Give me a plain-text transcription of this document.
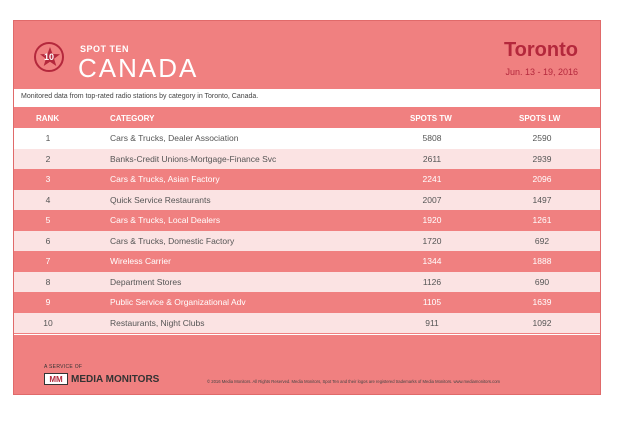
10
SPOT TEN
CANADA
Toronto
Jun. 13 - 19, 2016
Monitored data from top-rated radio stations by category in Toronto, Canada.
RANK	CATEGORY	SPOTS TW	SPOTS LW
1	Cars & Trucks, Dealer Association	5808	2590
2	Banks-Credit Unions-Mortgage-Finance Svc	2611	2939
3	Cars & Trucks, Asian Factory	2241	2096
4	Quick Service Restaurants	2007	1497
5	Cars & Trucks, Local Dealers	1920	1261
6	Cars & Trucks, Domestic Factory	1720	692
7	Wireless Carrier	1344	1888
8	Department Stores	1126	690
9	Public Service & Organizational Adv	1105	1639
10	Restaurants, Night Clubs	911	1092
A SERVICE OF
MM MEDIA MONITORS	© 2016 Media Monitors. All Rights Reserved. Media Monitors, Spot Ten and their logos are registered trademarks of Media Monitors. www.mediamonitors.com
